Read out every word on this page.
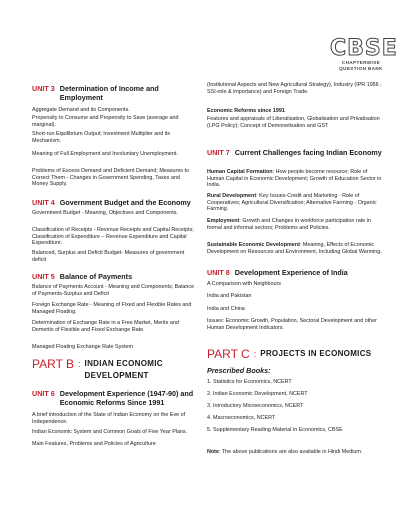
CBSE
CHAPTERWISE
QUESTION BANK
UNIT 3 Determination of Income and Employment
Aggregate Demand and its Components.
Propensity to Consume and Propensity to Save (average and marginal).
Short-run Equilibrium Output; Investment Multiplier and its Mechanism.
Meaning of Full Employment and Involuntary Unemployment.
Problems of Excess Demand and Deficient Demand; Measures to Correct Them - Changes in Government Spending, Taxes and Money Supply.
UNIT 4 Government Budget and the Economy
Government Budget - Meaning, Objectives and Components.
Classification of Receipts - Revenue Receipts and Capital Receipts; Classification of Expenditure – Revenue Expenditure and Capital Expenditure.
Balanced, Surplus and Deficit Budget- Measures of government deficit
UNIT 5 Balance of Payments
Balance of Payments Account - Meaning and Components; Balance of Payments-Surplus and Deficit
Foreign Exchange Rate - Meaning of Fixed and Flexible Rates and Managed Floating.
Determination of Exchange Rate in a Free Market, Merits and Demerits of Flexible and Fixed Exchange Rate.
Managed Floating Exchange Rate System
PART B : INDIAN ECONOMIC DEVELOPMENT
UNIT 6 Development Experience (1947-90) and Economic Reforms Since 1991
A brief introduction of the State of Indian Economy on the Eve of Independence.
Indian Economic System and Common Goals of Five Year Plans.
Main Features, Problems and Policies of Agriculture
(Institutional Aspects and New Agricultural Strategy), Industry (IPR 1956 ; SSI-role & importance) and Foreign Trade.
Economic Reforms since 1991
Features and appraisals of Liberalisation, Globalisation and Privatisation (LPG Policy); Concept of Demonetisation and GST
UNIT 7 Current Challenges facing Indian Economy
Human Capital Formation: How people become resource; Role of Human Capital in Economic Development; Growth of Education Sector in India.
Rural Development: Key Issues-Credit and Marketing - Role of Cooperatives; Agricultural Diversification; Alternative Farming - Organic Farming.
Employment: Growth and Changes in workforce participation rate in formal and informal sectors; Problems and Policies.
Sustainable Economic Development: Meaning, Effects of Economic Development on Resources and Environment, Including Global Warming.
UNIT 8 Development Experience of India
A Comparison with Neighbours
India and Pakistan
India and China
Issues: Economic Growth, Population, Sectoral Development and other Human Development Indicators.
PART C : PROJECTS IN ECONOMICS
Prescribed Books:
1. Statistics for Economics, NCERT
2. Indian Economic Development, NCERT
3. Introductory Microeconomics, NCERT
4. Macroeconomics, NCERT
5. Supplementary Reading Material in Economics, CBSE
Note: The above publications are also available in Hindi Medium.
